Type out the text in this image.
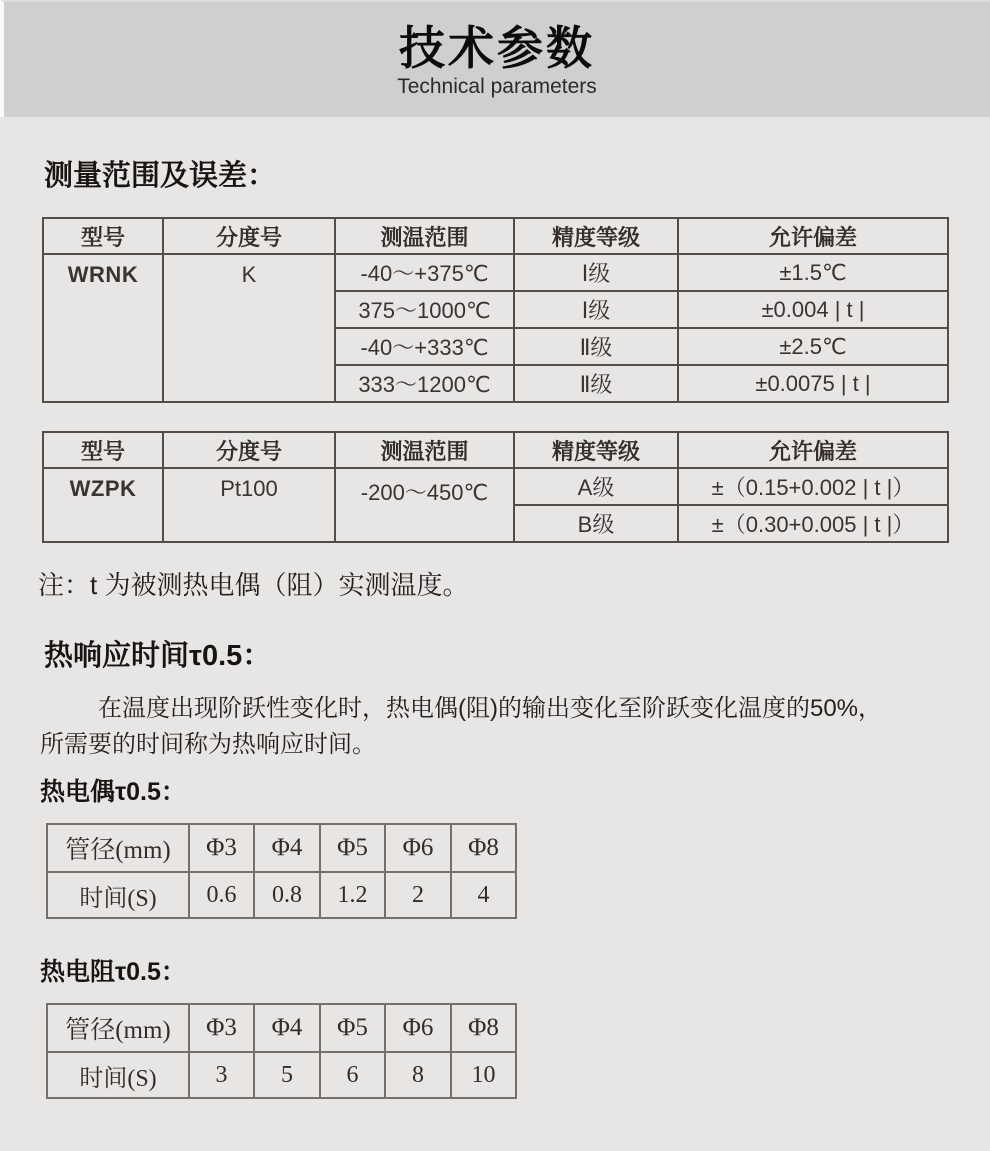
技术参数
Technical parameters
测量范围及误差：
型号	分度号	测温范围	精度等级	允许偏差
WRNK	K	-40～+375℃	Ⅰ级	±1.5℃
		375～1000℃	Ⅰ级	±0.004 | t |
		-40～+333℃	Ⅱ级	±2.5℃
		333～1200℃	Ⅱ级	±0.0075 | t |
型号	分度号	测温范围	精度等级	允许偏差
WZPK	Pt100	-200～450℃	A级	±（0.15+0.002 | t |）
			B级	±（0.30+0.005 | t |）

注：t 为被测热电偶（阻）实测温度。

热响应时间τ0.5：

在温度出现阶跃性变化时，热电偶(阻)的输出变化至阶跃变化温度的50%，
所需要的时间称为热响应时间。

热电偶τ0.5：
管径(mm)	Φ3	Φ4	Φ5	Φ6	Φ8
时间(S)	0.6	0.8	1.2	2	4
热电阻τ0.5：
管径(mm)	Φ3	Φ4	Φ5	Φ6	Φ8
时间(S)	3	5	6	8	10
